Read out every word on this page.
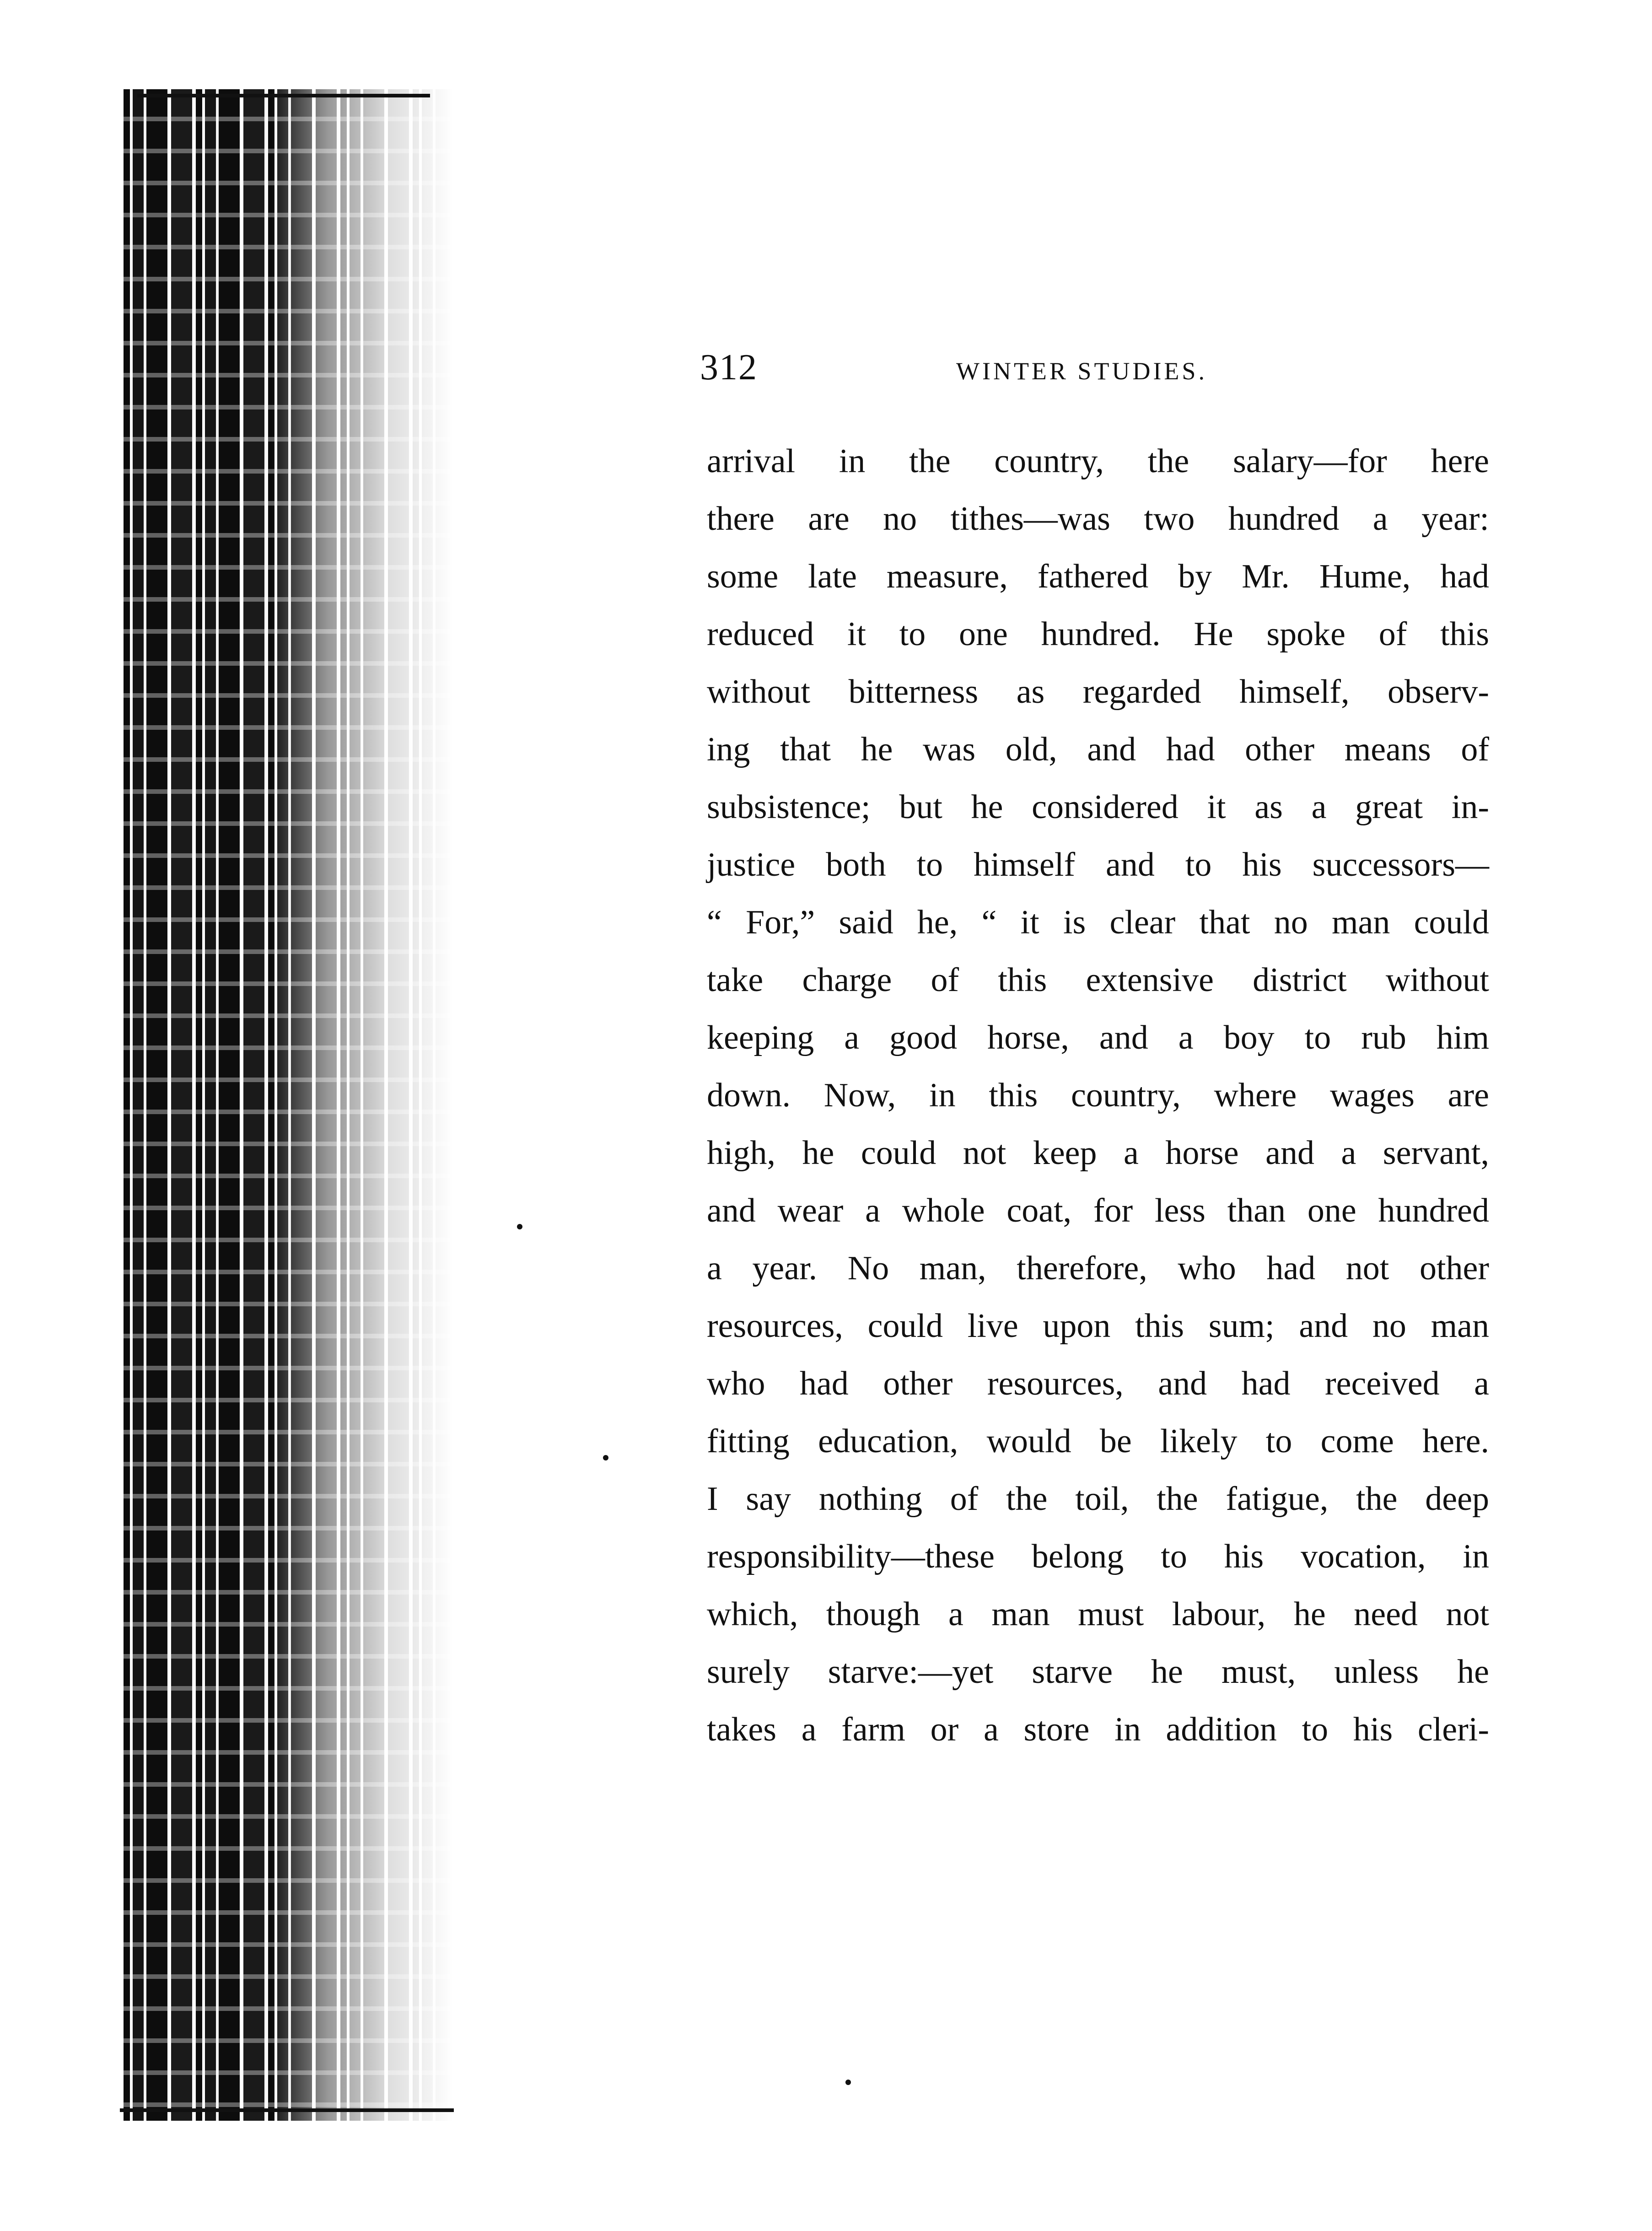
312	WINTER STUDIES.
arrival in the country, the salary—for here
there are no tithes—was two hundred a year:
some late measure, fathered by Mr. Hume, had
reduced it to one hundred. He spoke of this
without bitterness as regarded himself, observ-
ing that he was old, and had other means of
subsistence; but he considered it as a great in-
justice both to himself and to his successors—
“ For,” said he, “ it is clear that no man could
take charge of this extensive district without
keeping a good horse, and a boy to rub him
down. Now, in this country, where wages are
high, he could not keep a horse and a servant,
and wear a whole coat, for less than one hundred
a year. No man, therefore, who had not other
resources, could live upon this sum; and no man
who had other resources, and had received a
fitting education, would be likely to come here.
I say nothing of the toil, the fatigue, the deep
responsibility—these belong to his vocation, in
which, though a man must labour, he need not
surely starve:—yet starve he must, unless he
takes a farm or a store in addition to his cleri-
